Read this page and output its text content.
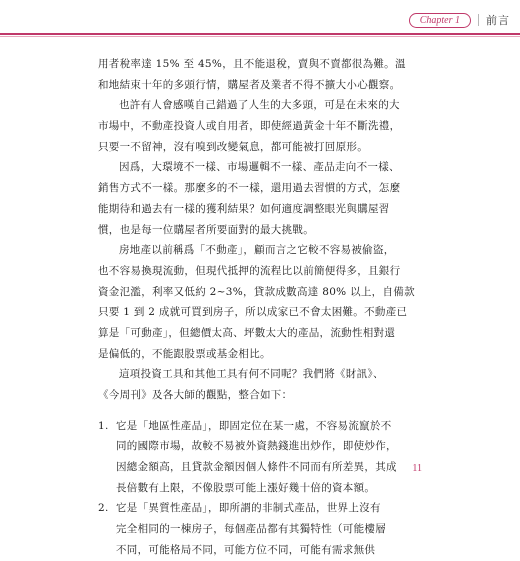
Chapter 1	前言
用者稅率達 15% 至 45%，且不能退稅，賣與不賣都很為難。溫
和地結束十年的多頭行情，購屋者及業者不得不擴大小心觀察。
也許有人會感嘆自己錯過了人生的大多頭，可是在未來的大
市場中，不動產投資人或自用者，即使經過黃金十年不斷洗禮，
只要一不留神，沒有嗅到改變氣息，都可能被打回原形。
因爲，大環境不一樣、市場邏輯不一樣、產品走向不一樣、
銷售方式不一樣。那麼多的不一樣，還用過去習慣的方式，怎麼
能期待和過去有一樣的獲利結果？如何適度調整眼光與購屋習
慣，也是每一位購屋者所要面對的最大挑戰。
房地產以前稱爲「不動產」，顧而言之它較不容易被偷盜，
也不容易換現流動，但現代抵押的流程比以前簡便得多，且銀行
資金氾濫，利率又低約 2~3%，貸款成數高達 80% 以上，自備款
只要 1 到 2 成就可買到房子，所以成家已不會太困難。不動產已
算是「可動產」，但總價太高、坪數太大的產品，流動性相對還
是偏低的，不能跟股票或基金相比。
這項投資工具和其他工具有何不同呢？我們將《財訊》、
《今周刊》及各大師的觀點，整合如下：
1. 它是「地區性產品」，即固定位在某一處，不容易流竄於不
同的國際市場，故較不易被外資熱錢進出炒作，即使炒作，
因總金額高，且貸款金額因個人條件不同而有所差異，其成
長倍數有上限，不像股票可能上漲好幾十倍的資本額。
2. 它是「異質性產品」，即所謂的非制式產品，世界上沒有
完全相同的一棟房子，每個產品都有其獨特性（可能樓層
不同，可能格局不同，可能方位不同，可能有需求無供
11
